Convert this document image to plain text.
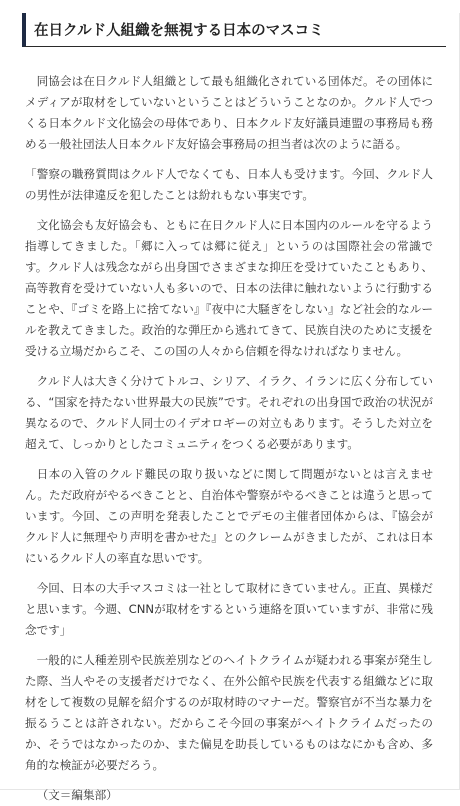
在日クルド人組織を無視する日本のマスコミ

同協会は在日クルド人組織として最も組織化されている団体だ。その団体にメディアが取材をしていないということはどういうことなのか。クルド人でつくる日本クルド文化協会の母体であり、日本クルド友好議員連盟の事務局も務める一般社団法人日本クルド友好協会事務局の担当者は次のように語る。

「警察の職務質問はクルド人でなくても、日本人も受けます。今回、クルド人の男性が法律違反を犯したことは紛れもない事実です。

文化協会も友好協会も、ともに在日クルド人に日本国内のルールを守るよう指導してきました。「郷に入っては郷に従え」というのは国際社会の常識です。クルド人は残念ながら出身国でさまざまな抑圧を受けていたこともあり、高等教育を受けていない人も多いので、日本の法律に触れないように行動することや、『ゴミを路上に捨てない』『夜中に大騒ぎをしない』など社会的なルールを教えてきました。政治的な弾圧から逃れてきて、民族自決のために支援を受ける立場だからこそ、この国の人々から信頼を得なければなりません。

クルド人は大きく分けてトルコ、シリア、イラク、イランに広く分布している、“国家を持たない世界最大の民族”です。それぞれの出身国で政治の状況が異なるので、クルド人同士のイデオロギーの対立もあります。そうした対立を超えて、しっかりとしたコミュニティをつくる必要があります。

日本の入管のクルド難民の取り扱いなどに関して問題がないとは言えません。ただ政府がやるべきことと、自治体や警察がやるべきことは違うと思っています。今回、この声明を発表したことでデモの主催者団体からは、『協会がクルド人に無理やり声明を書かせた』とのクレームがきましたが、これは日本にいるクルド人の率直な思いです。

今回、日本の大手マスコミは一社として取材にきていません。正直、異様だと思います。今週、CNNが取材をするという連絡を頂いていますが、非常に残念です」

一般的に人種差別や民族差別などのヘイトクライムが疑われる事案が発生した際、当人やその支援者だけでなく、在外公館や民族を代表する組織などに取材をして複数の見解を紹介するのが取材時のマナーだ。警察官が不当な暴力を振るうことは許されない。だからこそ今回の事案がヘイトクライムだったのか、そうではなかったのか、また偏見を助長しているものはなにかも含め、多角的な検証が必要だろう。

（文＝編集部）
